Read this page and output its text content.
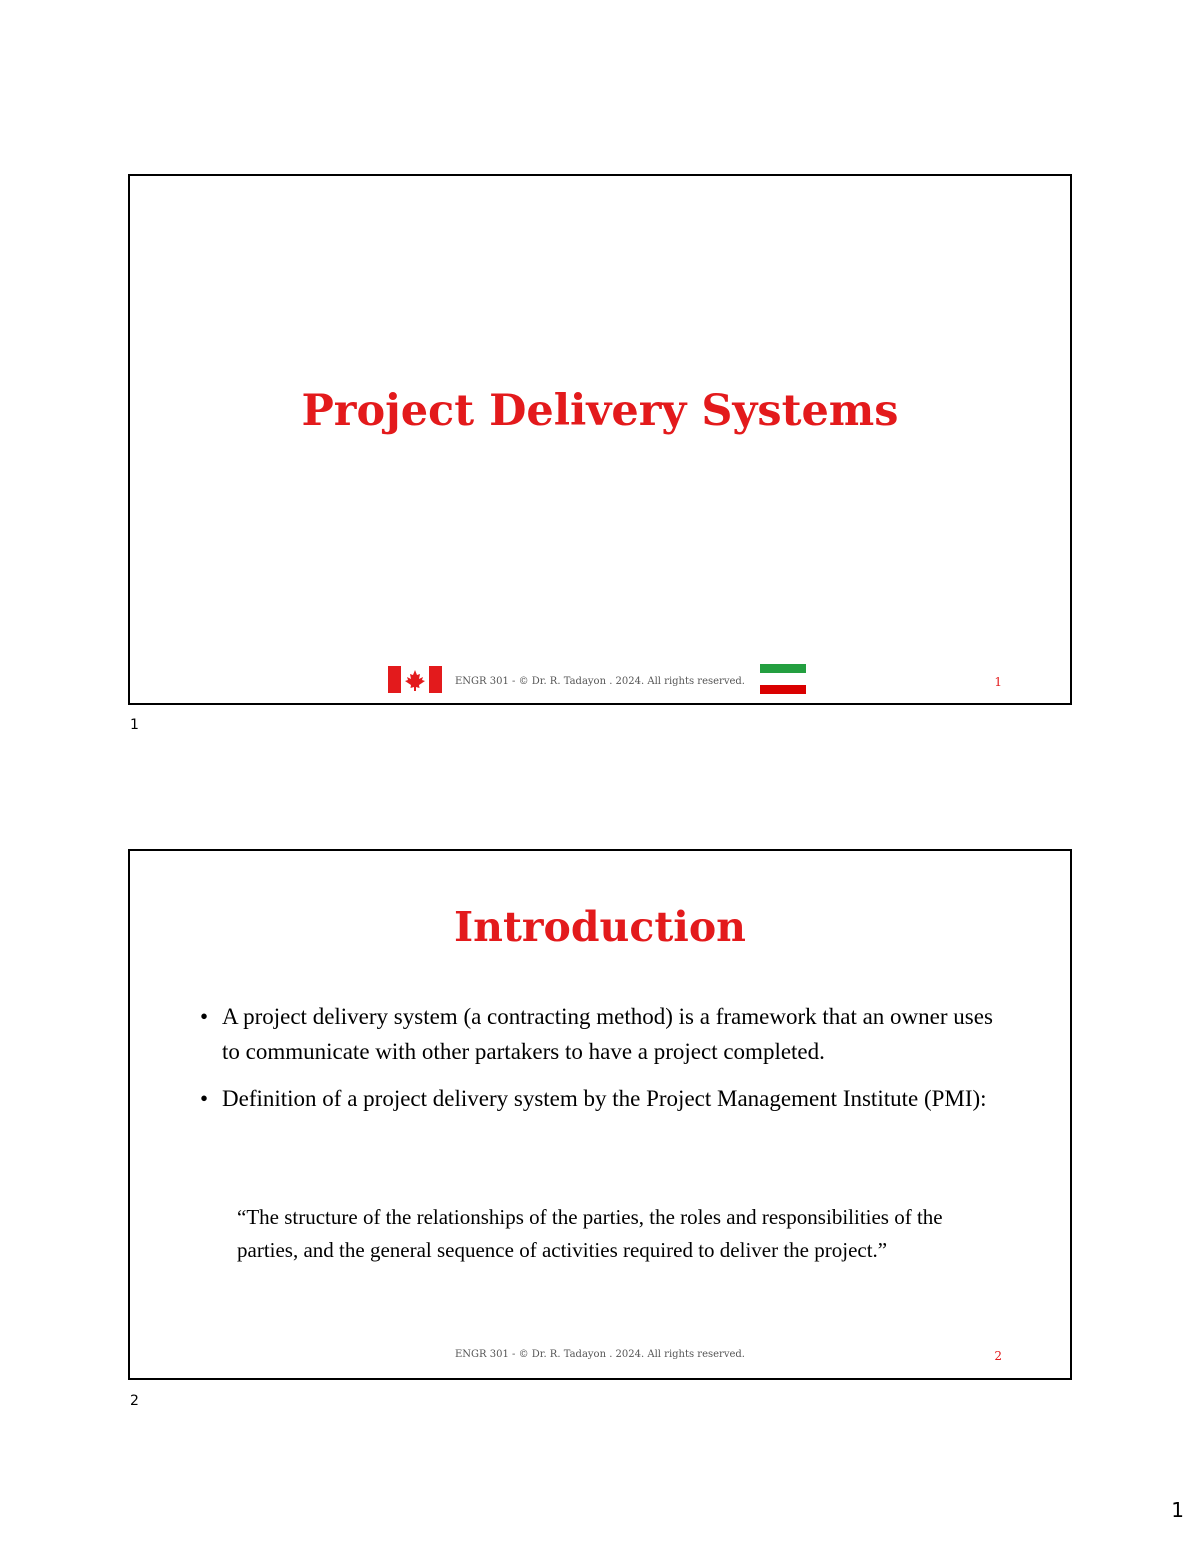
Project Delivery Systems
ENGR 301 - © Dr. R. Tadayon . 2024. All rights reserved.	1
1
Introduction
• A project delivery system (a contracting method) is a framework that an owner uses to communicate with other partakers to have a project completed.
• Definition of a project delivery system by the Project Management Institute (PMI):

“The structure of the relationships of the parties, the roles and responsibilities of the parties, and the general sequence of activities required to deliver the project.”

ENGR 301 - © Dr. R. Tadayon . 2024. All rights reserved.	2
2
1
